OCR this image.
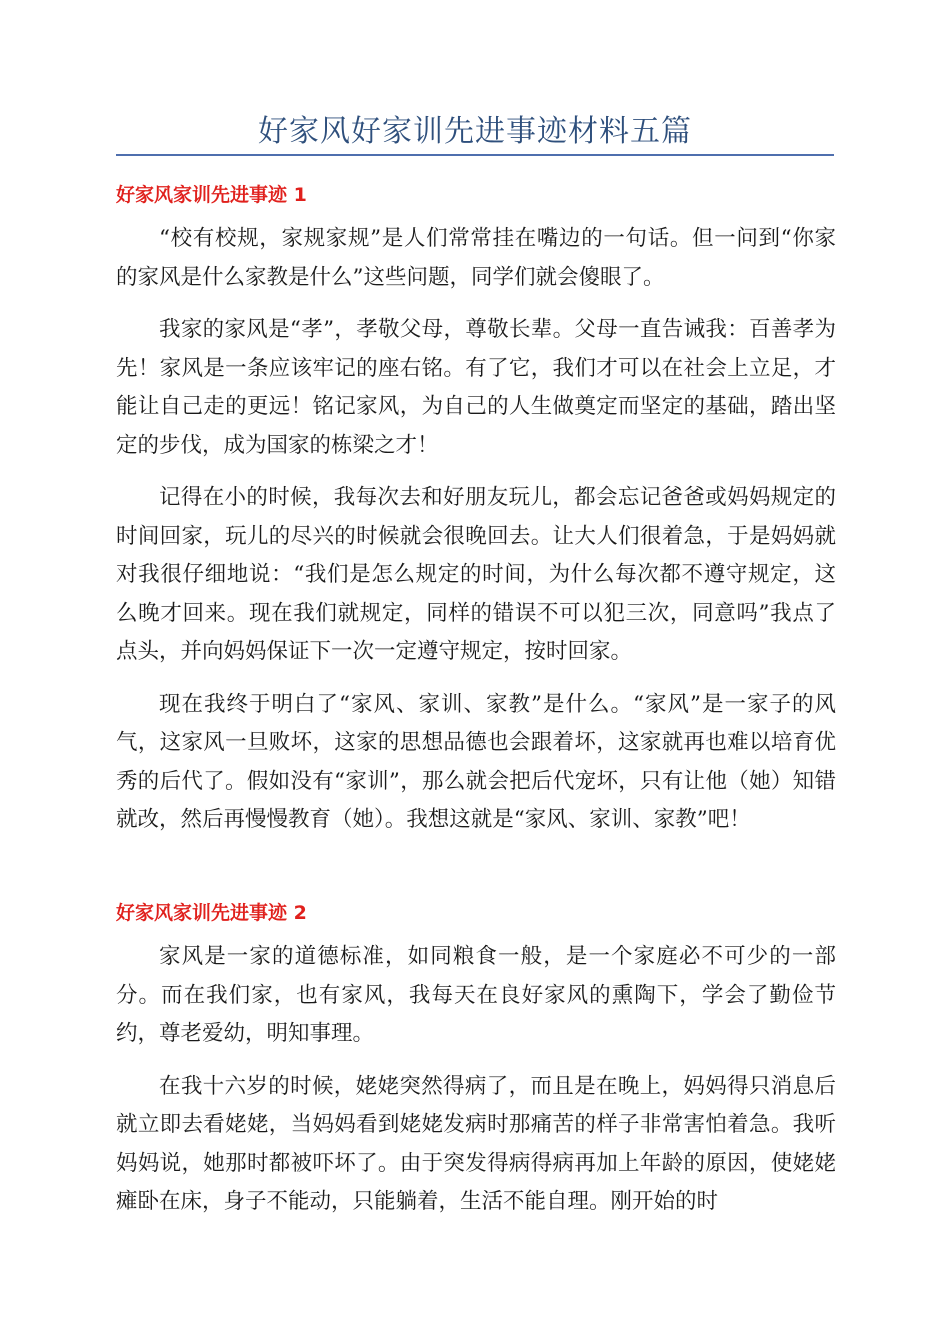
好家风好家训先进事迹材料五篇
好家风家训先进事迹 1

“校有校规，家规家规”是人们常常挂在嘴边的一句话。但一问到“你家的家风是什么家教是什么”这些问题，同学们就会傻眼了。

我家的家风是“孝”，孝敬父母，尊敬长辈。父母一直告诫我：百善孝为先！家风是一条应该牢记的座右铭。有了它，我们才可以在社会上立足，才能让自己走的更远！铭记家风，为自己的人生做奠定而坚定的基础，踏出坚定的步伐，成为国家的栋梁之才！

记得在小的时候，我每次去和好朋友玩儿，都会忘记爸爸或妈妈规定的时间回家，玩儿的尽兴的时候就会很晚回去。让大人们很着急，于是妈妈就对我很仔细地说：“我们是怎么规定的时间，为什么每次都不遵守规定，这么晚才回来。现在我们就规定，同样的错误不可以犯三次，同意吗”我点了点头，并向妈妈保证下一次一定遵守规定，按时回家。

现在我终于明白了“家风、家训、家教”是什么。“家风”是一家子的风气，这家风一旦败坏，这家的思想品德也会跟着坏，这家就再也难以培育优秀的后代了。假如没有“家训”，那么就会把后代宠坏，只有让他（她）知错就改，然后再慢慢教育（她）。我想这就是“家风、家训、家教”吧！

好家风家训先进事迹 2

家风是一家的道德标准，如同粮食一般，是一个家庭必不可少的一部分。而在我们家，也有家风，我每天在良好家风的熏陶下，学会了勤俭节约，尊老爱幼，明知事理。

在我十六岁的时候，姥姥突然得病了，而且是在晚上，妈妈得只消息后就立即去看姥姥，当妈妈看到姥姥发病时那痛苦的样子非常害怕着急。我听妈妈说，她那时都被吓坏了。由于突发得病得病再加上年龄的原因，使姥姥瘫卧在床，身子不能动，只能躺着，生活不能自理。刚开始的时
